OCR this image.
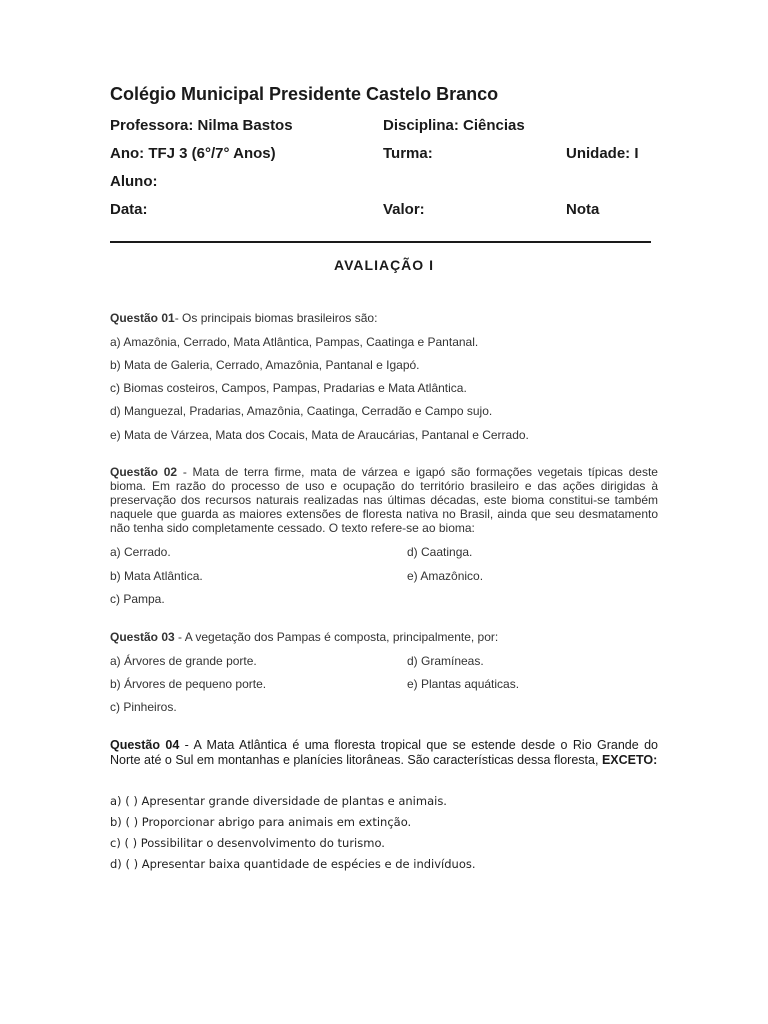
Colégio Municipal Presidente Castelo Branco
Professora: Nilma Bastos	Disciplina: Ciências
Ano: TFJ 3 (6°/7° Anos)	Turma:	Unidade: I
Aluno:
Data:	Valor:	Nota
AVALIAÇÃO I
Questão 01- Os principais biomas brasileiros são:
a) Amazônia, Cerrado, Mata Atlântica, Pampas, Caatinga e Pantanal.
b) Mata de Galeria, Cerrado, Amazônia, Pantanal e Igapó.
c) Biomas costeiros, Campos, Pampas, Pradarias e Mata Atlântica.
d) Manguezal, Pradarias, Amazônia, Caatinga, Cerradão e Campo sujo.
e) Mata de Várzea, Mata dos Cocais, Mata de Araucárias, Pantanal e Cerrado.
Questão 02 - Mata de terra firme, mata de várzea e igapó são formações vegetais típicas deste bioma. Em razão do processo de uso e ocupação do território brasileiro e das ações dirigidas à preservação dos recursos naturais realizadas nas últimas décadas, este bioma constitui-se também naquele que guarda as maiores extensões de floresta nativa no Brasil, ainda que seu desmatamento não tenha sido completamente cessado. O texto refere-se ao bioma:
a) Cerrado.	d) Caatinga.
b) Mata Atlântica.	e) Amazônico.
c) Pampa.
Questão 03 - A vegetação dos Pampas é composta, principalmente, por:
a) Árvores de grande porte.	d) Gramíneas.
b) Árvores de pequeno porte.	e) Plantas aquáticas.
c) Pinheiros.
Questão 04 - A Mata Atlântica é uma floresta tropical que se estende desde o Rio Grande do Norte até o Sul em montanhas e planícies litorâneas. São características dessa floresta, EXCETO:
a) ( ) Apresentar grande diversidade de plantas e animais.
b) ( ) Proporcionar abrigo para animais em extinção.
c) ( ) Possibilitar o desenvolvimento do turismo.
d) ( ) Apresentar baixa quantidade de espécies e de indivíduos.
